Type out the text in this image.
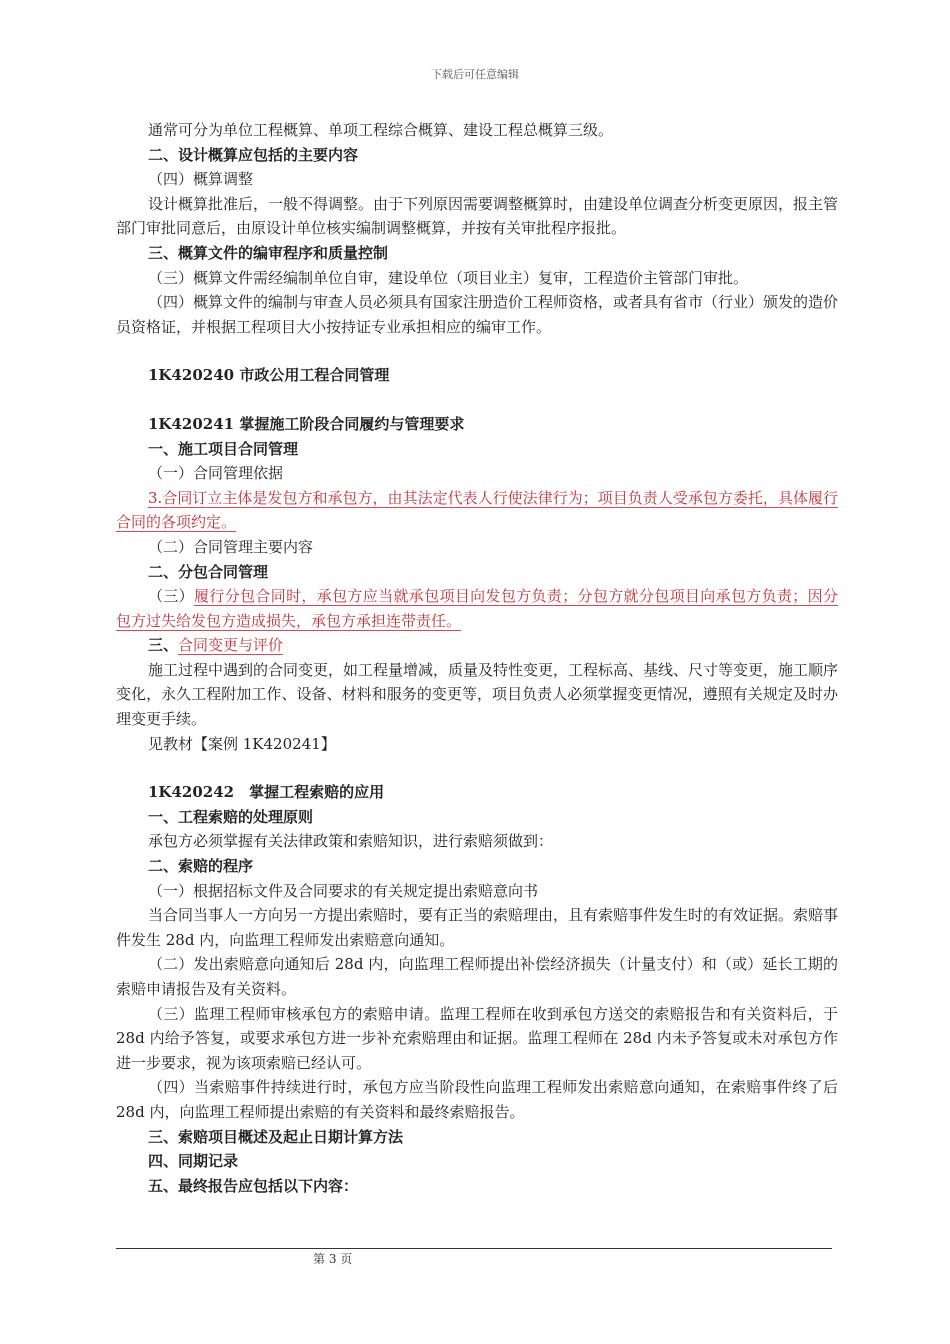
下载后可任意编辑
通常可分为单位工程概算、单项工程综合概算、建设工程总概算三级。
二、设计概算应包括的主要内容
（四）概算调整
设计概算批准后，一般不得调整。由于下列原因需要调整概算时，由建设单位调查分析变更原因，报主管部门审批同意后，由原设计单位核实编制调整概算，并按有关审批程序报批。
三、概算文件的编审程序和质量控制
（三）概算文件需经编制单位自审，建设单位（项目业主）复审，工程造价主管部门审批。
（四）概算文件的编制与审查人员必须具有国家注册造价工程师资格，或者具有省市（行业）颁发的造价员资格证，并根据工程项目大小按持证专业承担相应的编审工作。
1K420240 市政公用工程合同管理
1K420241 掌握施工阶段合同履约与管理要求
一、施工项目合同管理
（一）合同管理依据
3.合同订立主体是发包方和承包方，由其法定代表人行使法律行为；项目负责人受承包方委托，具体履行合同的各项约定。
（二）合同管理主要内容
二、分包合同管理
（三）履行分包合同时，承包方应当就承包项目向发包方负责；分包方就分包项目向承包方负责；因分包方过失给发包方造成损失，承包方承担连带责任。
三、合同变更与评价
施工过程中遇到的合同变更，如工程量增减，质量及特性变更，工程标高、基线、尺寸等变更，施工顺序变化，永久工程附加工作、设备、材料和服务的变更等，项目负责人必须掌握变更情况，遵照有关规定及时办理变更手续。
见教材【案例 1K420241】
1K420242　掌握工程索赔的应用
一、工程索赔的处理原则
承包方必须掌握有关法律政策和索赔知识，进行索赔须做到：
二、索赔的程序
（一）根据招标文件及合同要求的有关规定提出索赔意向书
当合同当事人一方向另一方提出索赔时，要有正当的索赔理由，且有索赔事件发生时的有效证据。索赔事件发生 28d 内，向监理工程师发出索赔意向通知。
（二）发出索赔意向通知后 28d 内，向监理工程师提出补偿经济损失（计量支付）和（或）延长工期的索赔申请报告及有关资料。
（三）监理工程师审核承包方的索赔申请。监理工程师在收到承包方送交的索赔报告和有关资料后，于 28d 内给予答复，或要求承包方进一步补充索赔理由和证据。监理工程师在 28d 内未予答复或未对承包方作进一步要求，视为该项索赔已经认可。
（四）当索赔事件持续进行时，承包方应当阶段性向监理工程师发出索赔意向通知，在索赔事件终了后 28d 内，向监理工程师提出索赔的有关资料和最终索赔报告。
三、索赔项目概述及起止日期计算方法
四、同期记录
五、最终报告应包括以下内容：
第 3 页
